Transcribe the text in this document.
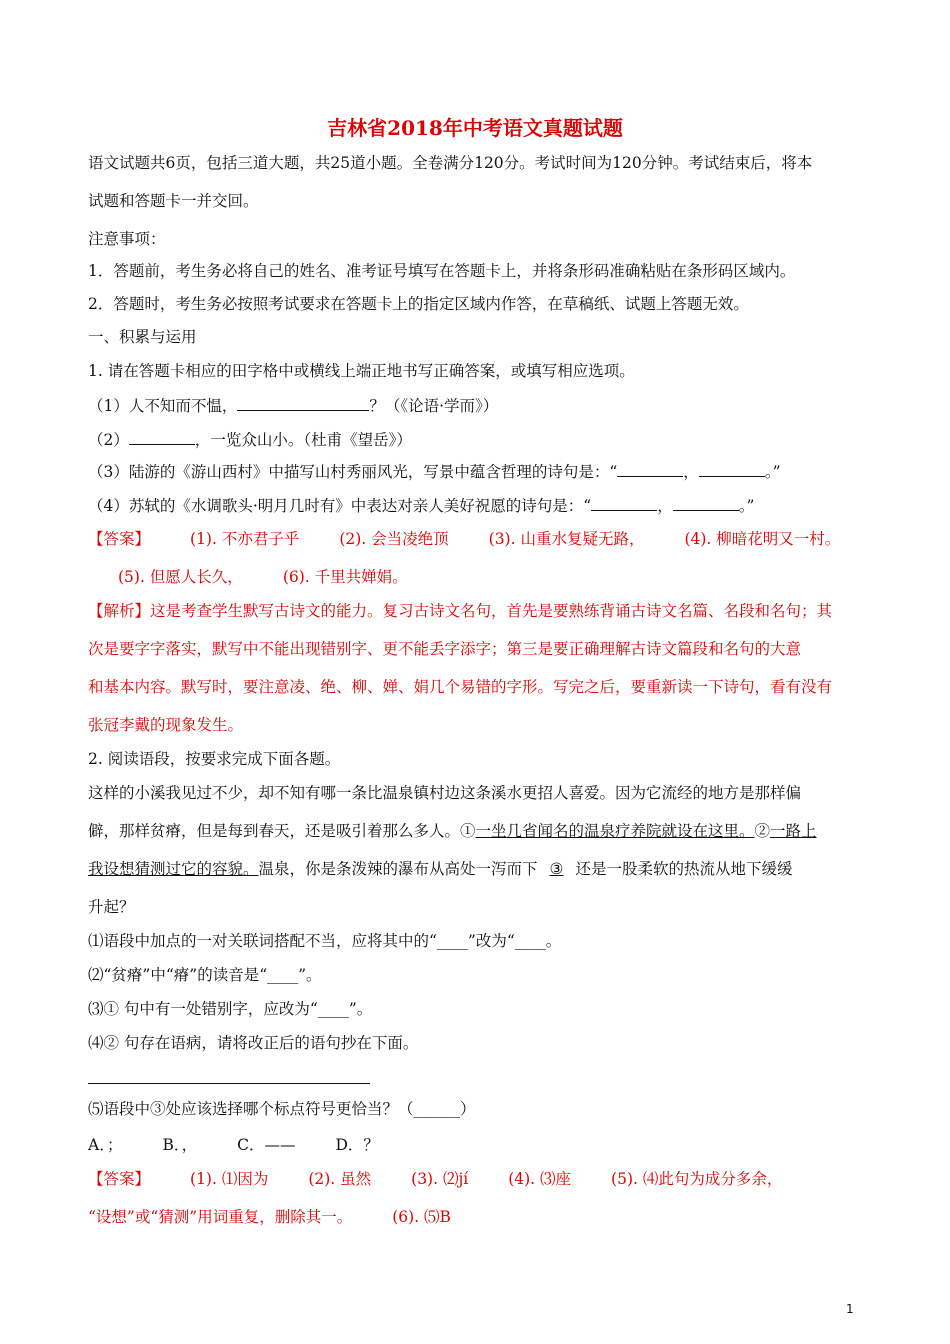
吉林省2018年中考语文真题试题
语文试题共6页，包括三道大题，共25道小题。全卷满分120分。考试时间为120分钟。考试结束后，将本
试题和答题卡一并交回。
注意事项：
1．答题前，考生务必将自己的姓名、准考证号填写在答题卡上，并将条形码准确粘贴在条形码区域内。
2．答题时，考生务必按照考试要求在答题卡上的指定区域内作答，在草稿纸、试题上答题无效。
一、积累与运用
1. 请在答题卡相应的田字格中或横线上端正地书写正确答案，或填写相应选项。
（1）人不知而不愠，	？（《论语·学而》）
（2）	，一览众山小。（杜甫《望岳》）
（3）陆游的《游山西村》中描写山村秀丽风光，写景中蕴含哲理的诗句是：“	，	。”
（4）苏轼的《水调歌头·明月几时有》中表达对亲人美好祝愿的诗句是：“	，	。”
【答案】	(1). 不亦君子乎	(2). 会当凌绝顶	(3). 山重水复疑无路，	(4). 柳暗花明又一村。
(5). 但愿人长久，	(6). 千里共婵娟。
【解析】这是考查学生默写古诗文的能力。复习古诗文名句，首先是要熟练背诵古诗文名篇、名段和名句；其
次是要字字落实，默写中不能出现错别字、更不能丢字添字；第三是要正确理解古诗文篇段和名句的大意
和基本内容。默写时，要注意凌、绝、柳、婵、娟几个易错的字形。写完之后，要重新读一下诗句，看有没有
张冠李戴的现象发生。
2. 阅读语段，按要求完成下面各题。
这样的小溪我见过不少，却不知有哪一条比温泉镇村边这条溪水更招人喜爱。因为它流经的地方是那样偏
僻，那样贫瘠，但是每到春天，还是吸引着那么多人。①一坐几省闻名的温泉疗养院就设在这里。②一路上
我设想猜测过它的容貌。温泉，你是条泼辣的瀑布从高处一泻而下 ③ 还是一股柔软的热流从地下缓缓
升起？
⑴语段中加点的一对关联词搭配不当，应将其中的“____”改为“____。
⑵“贫瘠”中“瘠”的读音是“____”。
⑶① 句中有一处错别字，应改为“____”。
⑷② 句存在语病，请将改正后的语句抄在下面。
⑸语段中③处应该选择哪个标点符号更恰当？（______）
A．；	B．，	C．——	D．？
【答案】	(1). ⑴因为	(2). 虽然	(3). ⑵jí	(4). ⑶座	(5). ⑷此句为成分多余，
“设想”或“猜测”用词重复，删除其一。	(6). ⑸B
1
